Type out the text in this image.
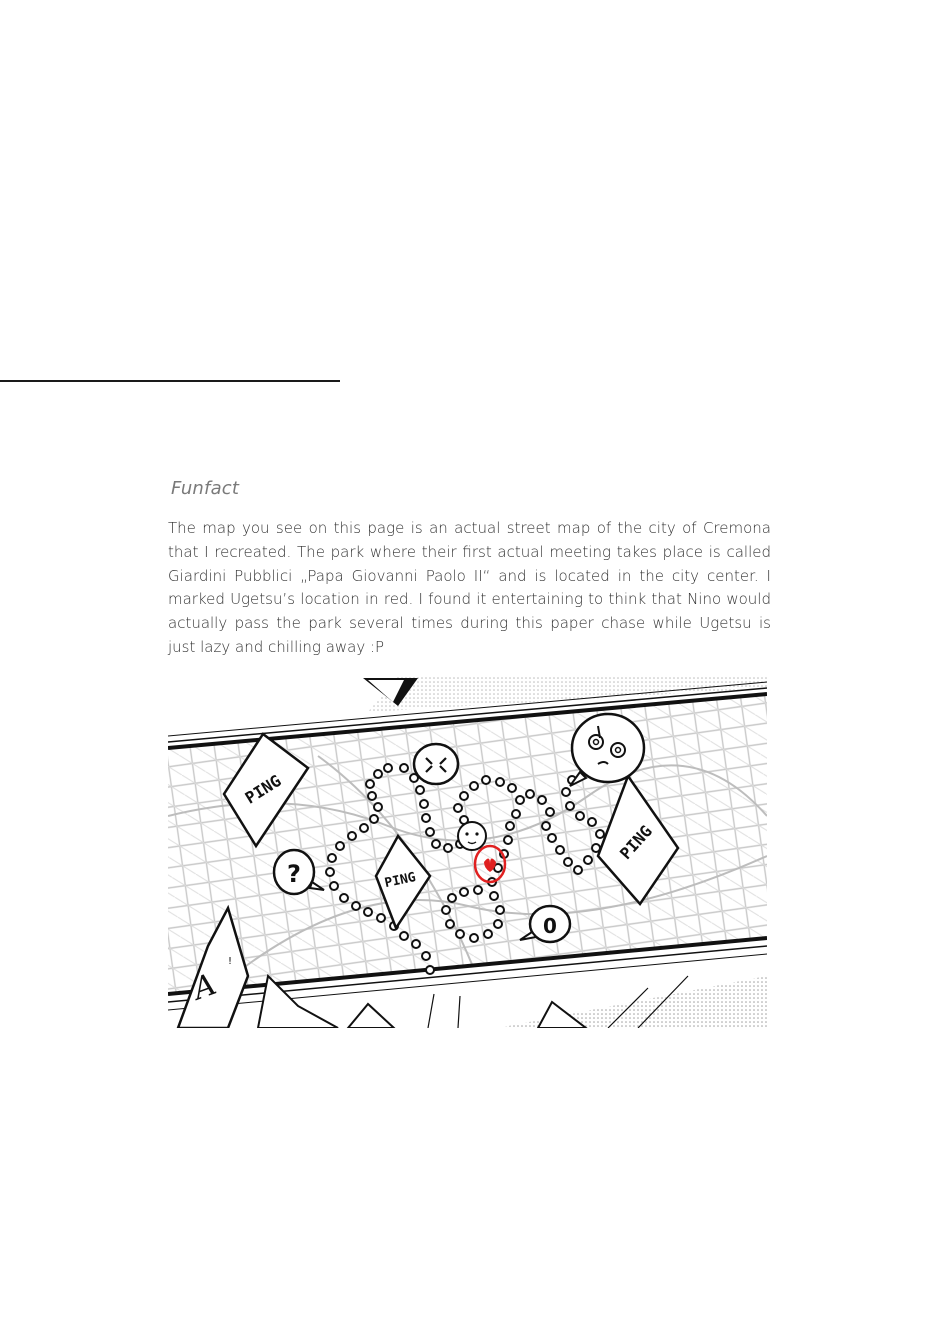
Funfact
The map you see on this page is an actual street map of the city of Cremona that I recreated. The park where their first actual meeting takes place is called Giardini Pubblici „Papa Giovanni Paolo II“ and is located in the city center. I marked Ugetsu’s location in red. I found it entertaining to think that Nino would actually pass the park several times during this paper chase while Ugetsu is just lazy and chilling away :P
PING
PING
PING
?
0
A
!
